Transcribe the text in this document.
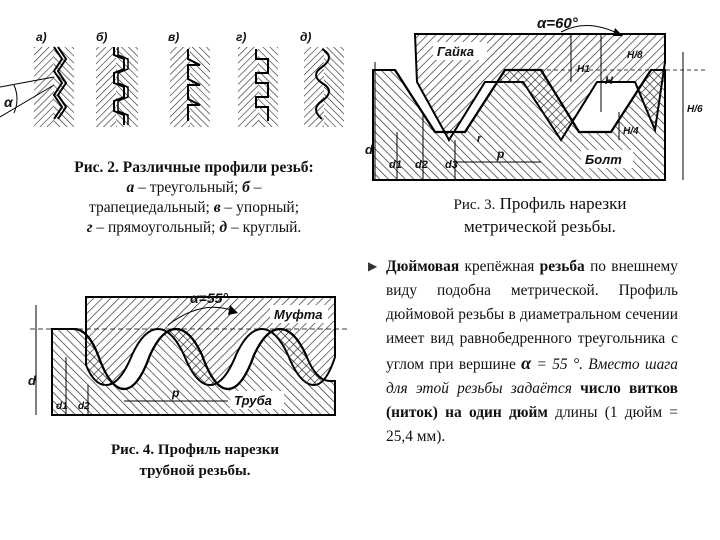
α
а)	б)	в)	г)	д)
Рис. 2. Различные профили резьб:
а – треугольный; б –
трапециедальный; в – упорный;
г – прямоугольный; д – круглый.
α=60°
Гайка
Болт
d
d1 d2 d3
p
H1
H
r
H/8
H/4
H/6
Рис. 3. Профиль нарезки
метрической резьбы.
α=55°
Муфта
Труба
d
d1 d2
p
Рис. 4. Профиль нарезки
трубной резьбы.
▶ Дюймовая крепёжная резьба по внешнему виду подобна метрической. Профиль дюймовой резьбы в диаметральном сечении имеет вид равнобедренного треугольника с углом при вершине α = 55 °. Вместо шага для этой резьбы задаётся число витков (ниток) на один дюйм длины (1 дюйм = 25,4 мм).
